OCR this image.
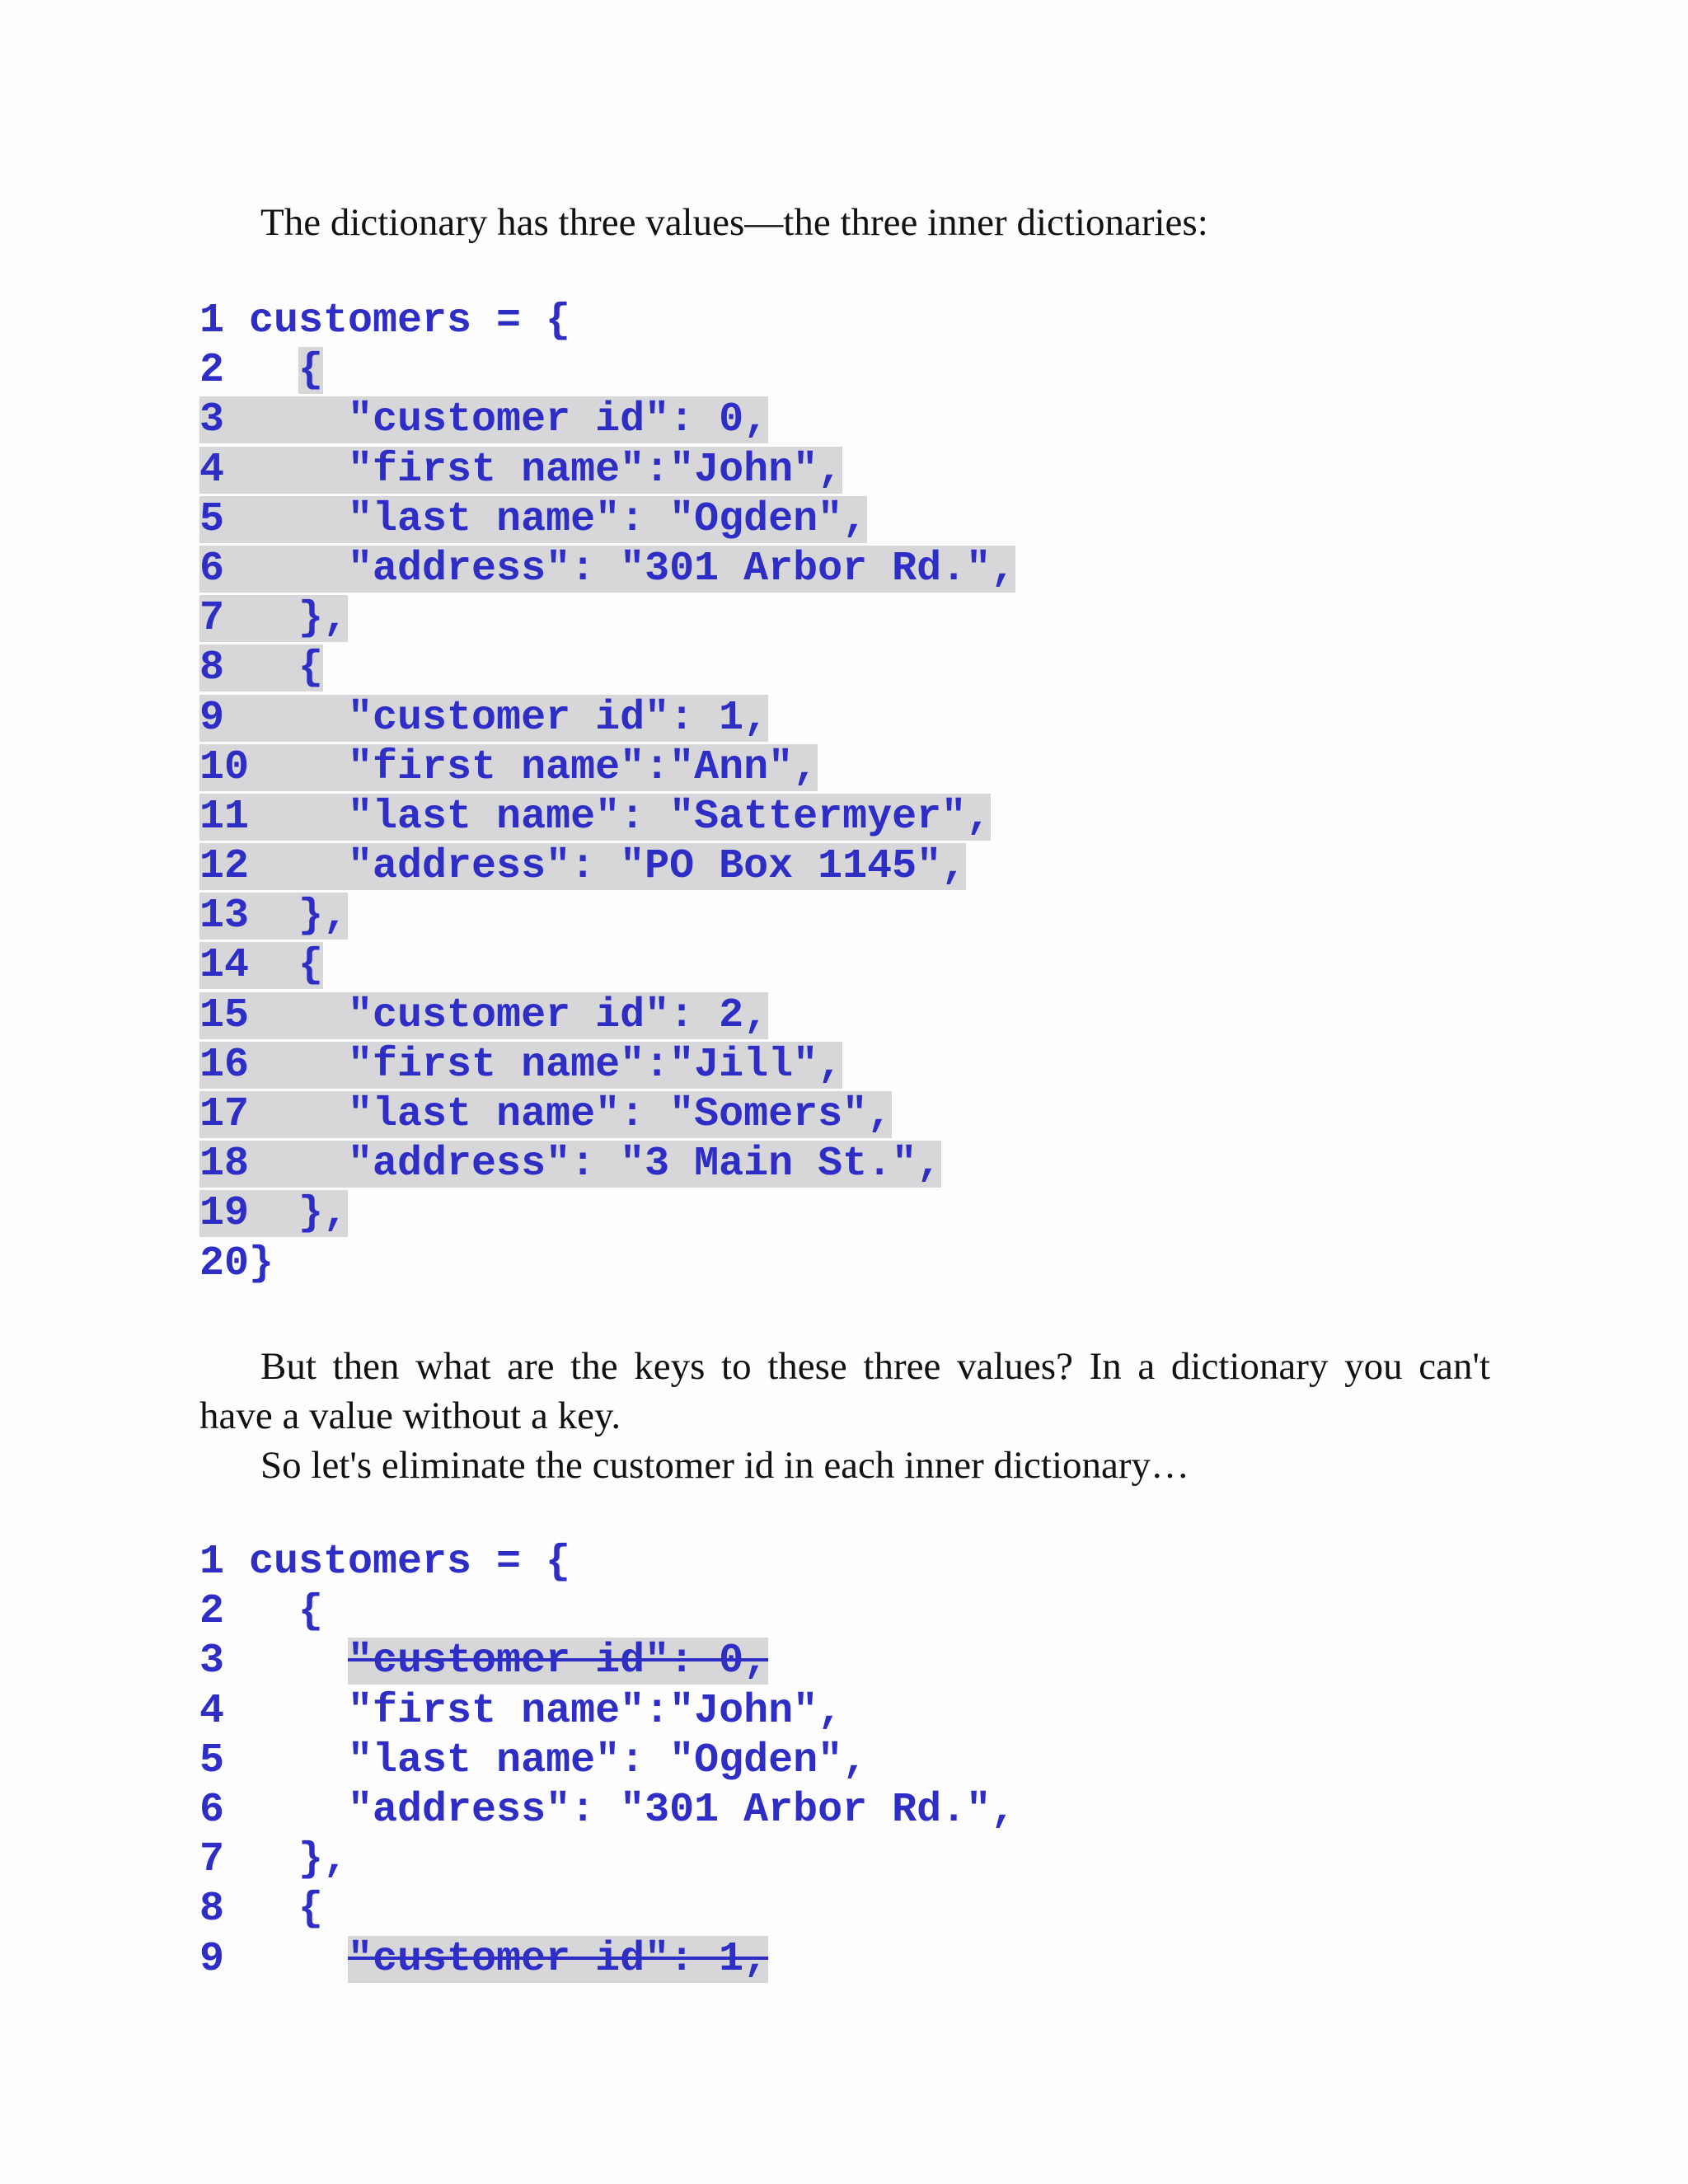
The dictionary has three values—the three inner dictionaries:
1 customers = {
2 {
3	"customer id": 0,
4	"first name":"John",
5	"last name": "Ogden",
6	"address": "301 Arbor Rd.",
7 },
8 {
9	"customer id": 1,
10 "first name":"Ann",
11 "last name": "Sattermyer",
12 "address": "PO Box 1145",
13 },
14 {
15 "customer id": 2,
16 "first name":"Jill",
17 "last name": "Somers",
18 "address": "3 Main St.",
19 },
20}
But then what are the keys to these three values? In a dictionary you can't
have a value without a key.
So let's eliminate the customer id in each inner dictionary…
1 customers = {
2 {
3	"customer id": 0,
4	"first name":"John",
5	"last name": "Ogden",
6	"address": "301 Arbor Rd.",
7 },
8 {
9	"customer id": 1,
